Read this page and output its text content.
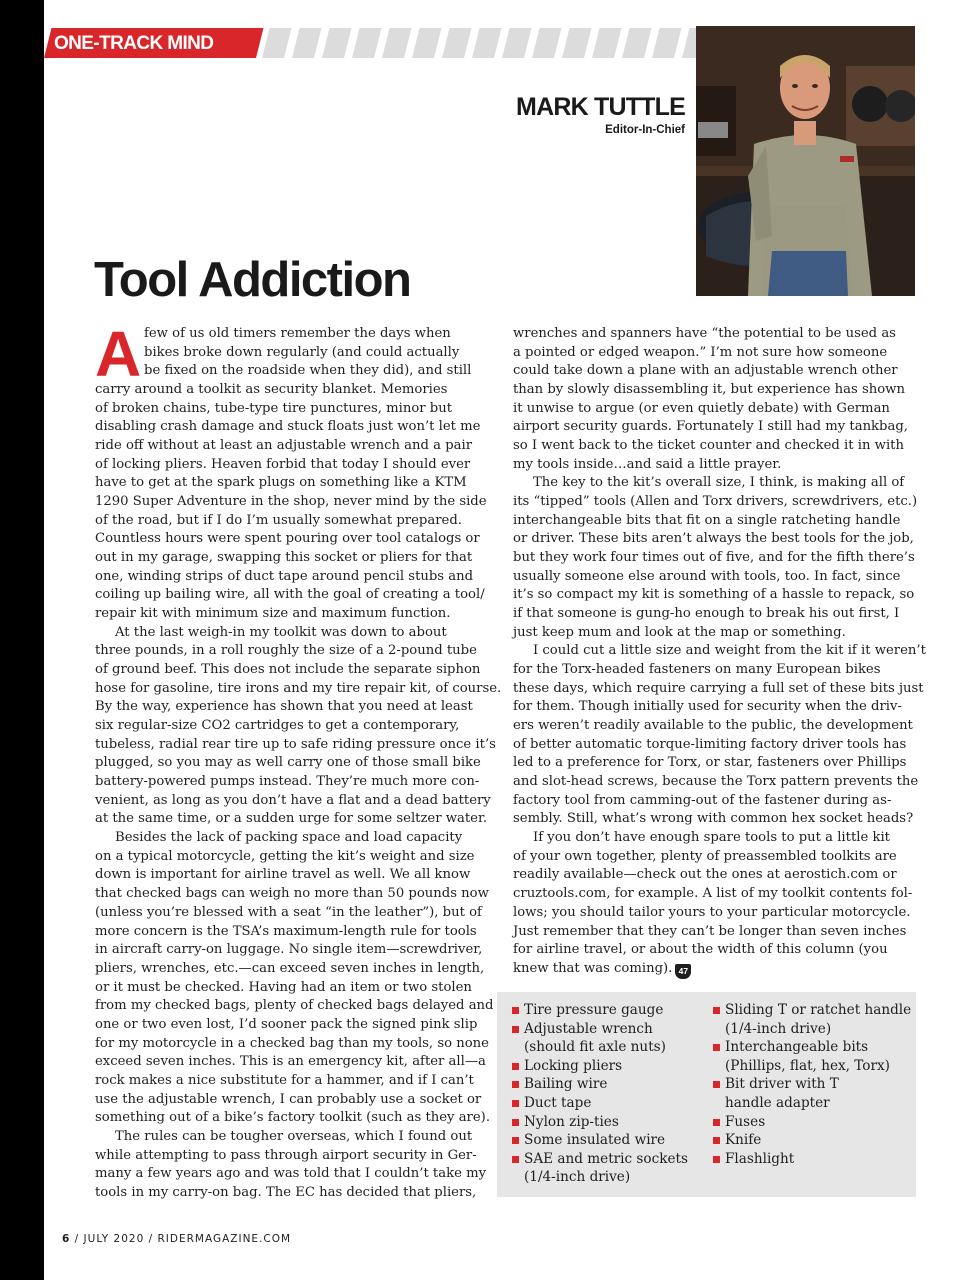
ONE-TRACK MIND
MARK TUTTLE
Editor-In-Chief
Tool Addiction
A few of us old timers remember the days when
bikes broke down regularly (and could actually
be fixed on the roadside when they did), and still
carry around a toolkit as security blanket. Memories
of broken chains, tube-type tire punctures, minor but
disabling crash damage and stuck floats just won’t let me
ride off without at least an adjustable wrench and a pair
of locking pliers. Heaven forbid that today I should ever
have to get at the spark plugs on something like a KTM
1290 Super Adventure in the shop, never mind by the side
of the road, but if I do I’m usually somewhat prepared.
Countless hours were spent pouring over tool catalogs or
out in my garage, swapping this socket or pliers for that
one, winding strips of duct tape around pencil stubs and
coiling up bailing wire, all with the goal of creating a tool/
repair kit with minimum size and maximum function.
At the last weigh-in my toolkit was down to about
three pounds, in a roll roughly the size of a 2-pound tube
of ground beef. This does not include the separate siphon
hose for gasoline, tire irons and my tire repair kit, of course.
By the way, experience has shown that you need at least
six regular-size CO2 cartridges to get a contemporary,
tubeless, radial rear tire up to safe riding pressure once it’s
plugged, so you may as well carry one of those small bike
battery-powered pumps instead. They’re much more con-
venient, as long as you don’t have a flat and a dead battery
at the same time, or a sudden urge for some seltzer water.
Besides the lack of packing space and load capacity
on a typical motorcycle, getting the kit’s weight and size
down is important for airline travel as well. We all know
that checked bags can weigh no more than 50 pounds now
(unless you’re blessed with a seat “in the leather”), but of
more concern is the TSA’s maximum-length rule for tools
in aircraft carry-on luggage. No single item—screwdriver,
pliers, wrenches, etc.—can exceed seven inches in length,
or it must be checked. Having had an item or two stolen
from my checked bags, plenty of checked bags delayed and
one or two even lost, I’d sooner pack the signed pink slip
for my motorcycle in a checked bag than my tools, so none
exceed seven inches. This is an emergency kit, after all—a
rock makes a nice substitute for a hammer, and if I can’t
use the adjustable wrench, I can probably use a socket or
something out of a bike’s factory toolkit (such as they are).
The rules can be tougher overseas, which I found out
while attempting to pass through airport security in Ger-
many a few years ago and was told that I couldn’t take my
tools in my carry-on bag. The EC has decided that pliers,
wrenches and spanners have “the potential to be used as
a pointed or edged weapon.” I’m not sure how someone
could take down a plane with an adjustable wrench other
than by slowly disassembling it, but experience has shown
it unwise to argue (or even quietly debate) with German
airport security guards. Fortunately I still had my tankbag,
so I went back to the ticket counter and checked it in with
my tools inside…and said a little prayer.
The key to the kit’s overall size, I think, is making all of
its “tipped” tools (Allen and Torx drivers, screwdrivers, etc.)
interchangeable bits that fit on a single ratcheting handle
or driver. These bits aren’t always the best tools for the job,
but they work four times out of five, and for the fifth there’s
usually someone else around with tools, too. In fact, since
it’s so compact my kit is something of a hassle to repack, so
if that someone is gung-ho enough to break his out first, I
just keep mum and look at the map or something.
I could cut a little size and weight from the kit if it weren’t
for the Torx-headed fasteners on many European bikes
these days, which require carrying a full set of these bits just
for them. Though initially used for security when the driv-
ers weren’t readily available to the public, the development
of better automatic torque-limiting factory driver tools has
led to a preference for Torx, or star, fasteners over Phillips
and slot-head screws, because the Torx pattern prevents the
factory tool from camming-out of the fastener during as-
sembly. Still, what’s wrong with common hex socket heads?
If you don’t have enough spare tools to put a little kit
of your own together, plenty of preassembled toolkits are
readily available—check out the ones at aerostich.com or
cruztools.com, for example. A list of my toolkit contents fol-
lows; you should tailor yours to your particular motorcycle.
Just remember that they can’t be longer than seven inches
for airline travel, or about the width of this column (you
knew that was coming). 47
Tire pressure gauge
Adjustable wrench
(should fit axle nuts)
Locking pliers
Bailing wire
Duct tape
Nylon zip-ties
Some insulated wire
SAE and metric sockets
(1/4-inch drive)
Sliding T or ratchet handle
(1/4-inch drive)
Interchangeable bits
(Phillips, flat, hex, Torx)
Bit driver with T
handle adapter
Fuses
Knife
Flashlight
6 / JULY 2020 / RIDERMAGAZINE.COM
